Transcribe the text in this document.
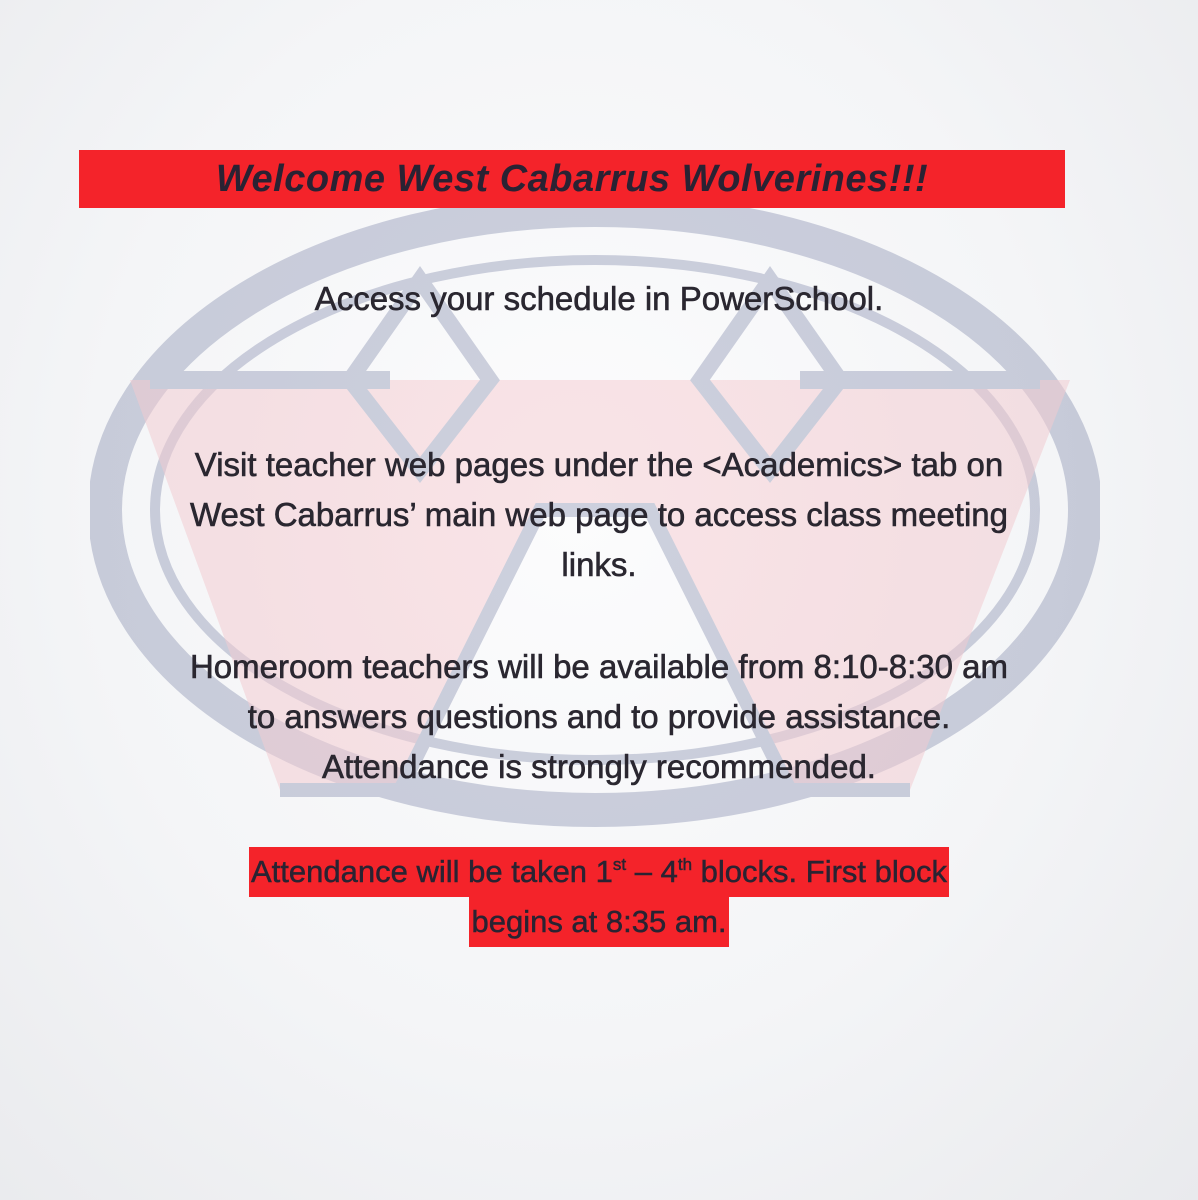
Welcome West Cabarrus Wolverines!!!
Access your schedule in PowerSchool.
Visit teacher web pages under the <Academics> tab on
West Cabarrus’ main web page to access class meeting
links.
Homeroom teachers will be available from 8:10-8:30 am
to answers questions and to provide assistance.
Attendance is strongly recommended.
Attendance will be taken 1st – 4th blocks. First block
begins at 8:35 am.
